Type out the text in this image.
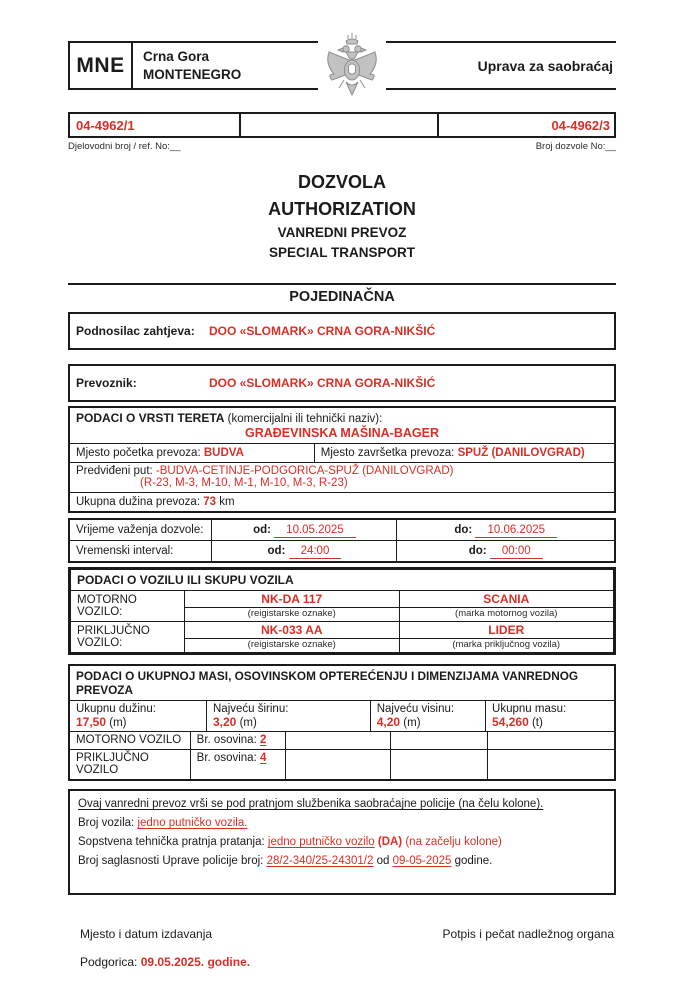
MNE	Crna Gora
MONTENEGRO
Uprava za saobraćaj
04-4962/1	04-4962/3
Djelovodni broj / ref. No:__	Broj dozvole No:__
DOZVOLA
AUTHORIZATION
VANREDNI PREVOZ
SPECIAL TRANSPORT
POJEDINAČNA
Podnosilac zahtjeva:	DOO «SLOMARK» CRNA GORA-NIKŠIĆ
Prevoznik:	DOO «SLOMARK» CRNA GORA-NIKŠIĆ
PODACI O VRSTI TERETA (komercijalni ili tehnički naziv):
GRAĐEVINSKA MAŠINA-BAGER
Mjesto početka prevoza: BUDVA	Mjesto završetka prevoza: SPUŽ (DANILOVGRAD)
Predviđeni put: -BUDVA-CETINJE-PODGORICA-SPUŽ (DANILOVGRAD)
(R-23, M-3, M-10, M-1, M-10, M-3, R-23)
Ukupna dužina prevoza: 73 km
Vrijeme važenja dozvole:	od: 10.05.2025	do: 10.06.2025
Vremenski interval:	od: 24:00	do: 00:00
PODACI O VOZILU ILI SKUPU VOZILA		
MOTORNO VOZILO:	NK-DA 117	SCANIA
	(reigistarske oznake)	(marka motornog vozila)
PRIKLJUČNO VOZILO:	NK-033 AA	LIDER
	(reigistarske oznake)	(marka priključnog vozila)
PODACI O UKUPNOJ MASI, OSOVINSKOM OPTEREĆENJU I DIMENZIJAMA VANREDNOG PREVOZA
Ukupnu dužinu:
17,50 (m)
Najveću širinu:
3,20 (m)
Najveću visinu:
4,20 (m)
Ukupnu masu:
54,260 (t)
MOTORNO VOZILO	Br. osovina: 2
PRIKLJUČNO VOZILO
Br. osovina: 4
Ovaj vanredni prevoz vrši se pod pratnjom službenika saobraćajne policije (na čelu kolone).
Broj vozila: jedno putničko vozila.
Sopstvena tehnička pratnja pratanja: jedno putničko vozilo (DA) (na začelju kolone)
Broj saglasnosti Uprave policije broj: 28/2-340/25-24301/2 od 09-05-2025 godine.
Mjesto i datum izdavanja	Potpis i pečat nadležnog organa
Podgorica: 09.05.2025. godine.
